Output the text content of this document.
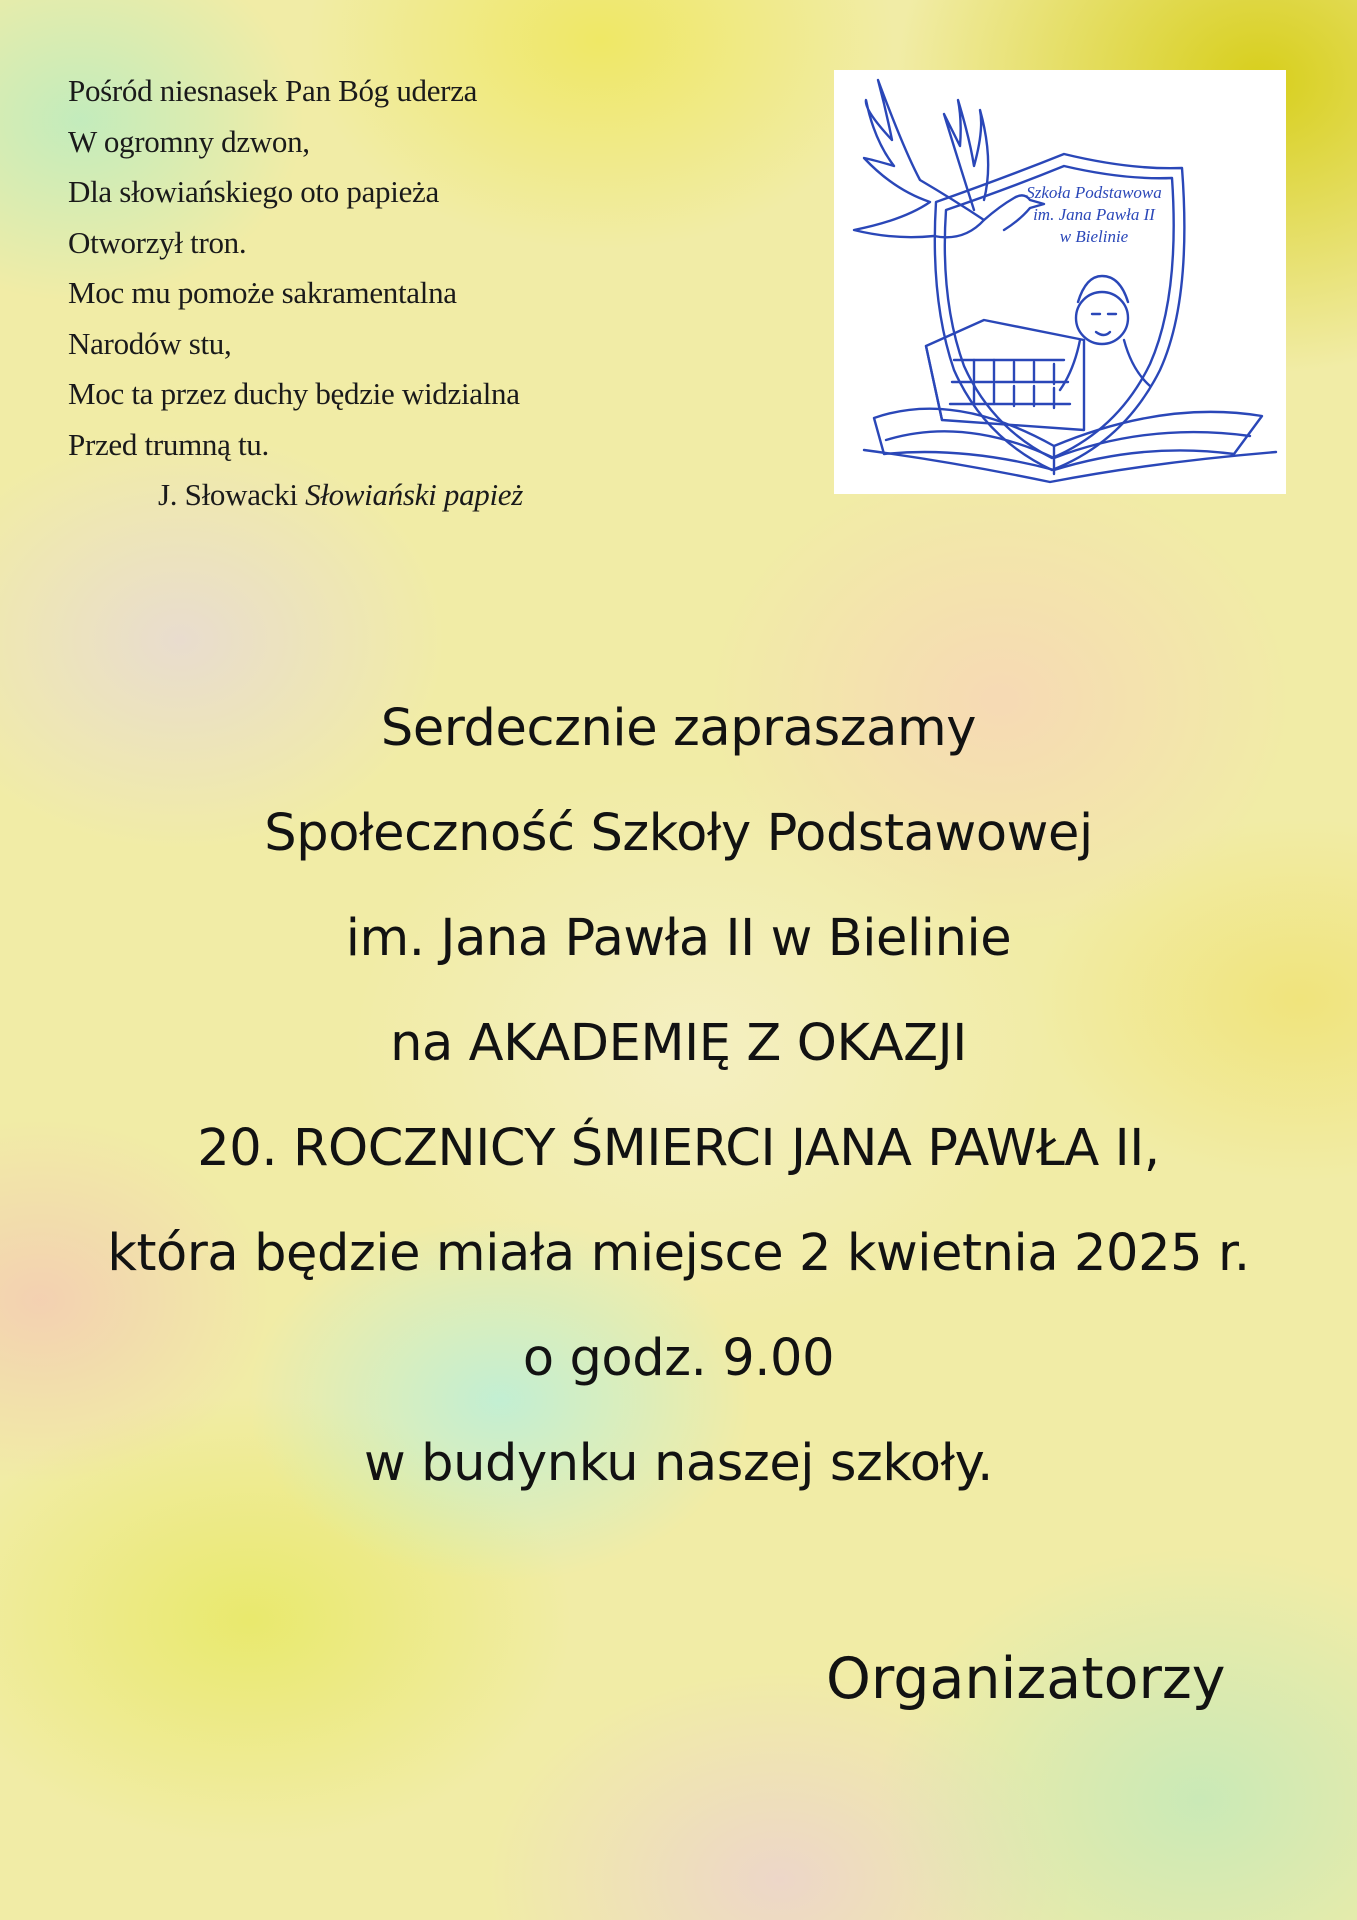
Pośród niesnasek Pan Bóg uderza
W ogromny dzwon,
Dla słowiańskiego oto papieża
Otworzył tron.
Moc mu pomoże sakramentalna
Narodów stu,
Moc ta przez duchy będzie widzialna
Przed trumną tu.
J. Słowacki Słowiański papież
Szkoła Podstawowa
im. Jana Pawła II
w Bielinie
Serdecznie zapraszamy
Społeczność Szkoły Podstawowej
im. Jana Pawła II w Bielinie
na AKADEMIĘ Z OKAZJI
20. ROCZNICY ŚMIERCI JANA PAWŁA II,
która będzie miała miejsce 2 kwietnia 2025 r.
o godz. 9.00
w budynku naszej szkoły.
Organizatorzy
